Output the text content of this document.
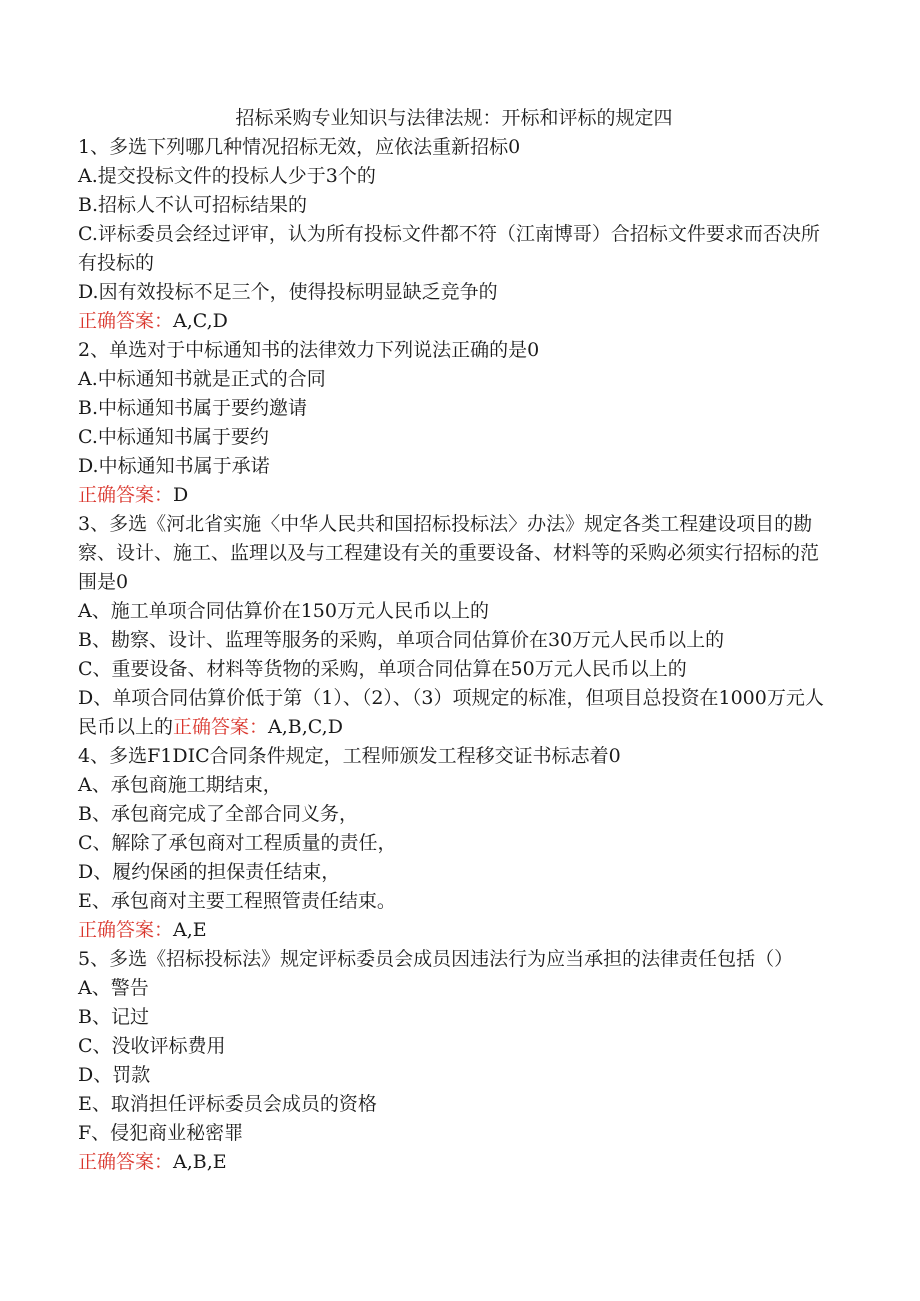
招标采购专业知识与法律法规：开标和评标的规定四

1、多选下列哪几种情况招标无效，应依法重新招标0

A.提交投标文件的投标人少于3个的

B.招标人不认可招标结果的

C.评标委员会经过评审，认为所有投标文件都不符（江南博哥）合招标文件要求而否决所有投标的

D.因有效投标不足三个，使得投标明显缺乏竞争的

正确答案：A,C,D

2、单选对于中标通知书的法律效力下列说法正确的是0

A.中标通知书就是正式的合同

B.中标通知书属于要约邀请

C.中标通知书属于要约

D.中标通知书属于承诺

正确答案：D

3、多选《河北省实施〈中华人民共和国招标投标法〉办法》规定各类工程建设项目的勘察、设计、施工、监理以及与工程建设有关的重要设备、材料等的采购必须实行招标的范围是0

A、施工单项合同估算价在150万元人民币以上的

B、勘察、设计、监理等服务的采购，单项合同估算价在30万元人民币以上的

C、重要设备、材料等货物的采购，单项合同估算在50万元人民币以上的

D、单项合同估算价低于第（1）、（2）、（3）项规定的标准，但项目总投资在1000万元人民币以上的正确答案：A,B,C,D

4、多选F1DIC合同条件规定，工程师颁发工程移交证书标志着0

A、承包商施工期结束，

B、承包商完成了全部合同义务，

C、解除了承包商对工程质量的责任，

D、履约保函的担保责任结束，

E、承包商对主要工程照管责任结束。

正确答案：A,E

5、多选《招标投标法》规定评标委员会成员因违法行为应当承担的法律责任包括（）

A、警告

B、记过

C、没收评标费用

D、罚款

E、取消担任评标委员会成员的资格

F、侵犯商业秘密罪

正确答案：A,B,E
